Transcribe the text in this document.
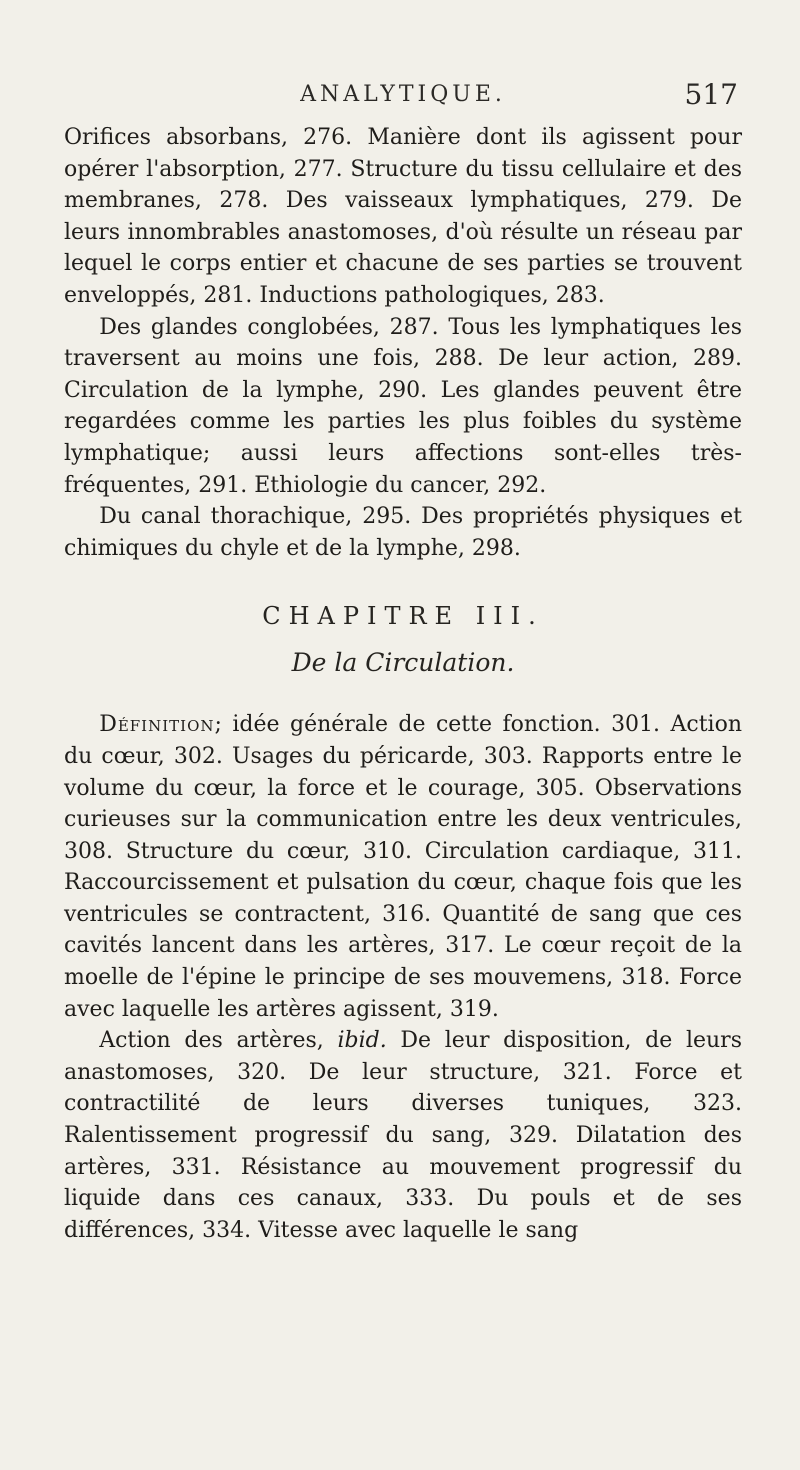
ANALYTIQUE.	517

Orifices absorbans, 276. Manière dont ils agissent pour opérer l'absorption, 277. Structure du tissu cellulaire et des membranes, 278. Des vaisseaux lymphatiques, 279. De leurs innombrables anastomoses, d'où résulte un réseau par lequel le corps entier et chacune de ses parties se trouvent enveloppés, 281. Inductions pathologiques, 283.

Des glandes conglobées, 287. Tous les lymphatiques les traversent au moins une fois, 288. De leur action, 289. Circulation de la lymphe, 290. Les glandes peuvent être regardées comme les parties les plus foibles du système lymphatique; aussi leurs affections sont-elles très-fréquentes, 291. Ethiologie du cancer, 292.

Du canal thorachique, 295. Des propriétés physiques et chimiques du chyle et de la lymphe, 298.

CHAPITRE III.
De la Circulation.

Définition; idée générale de cette fonction. 301. Action du cœur, 302. Usages du péricarde, 303. Rapports entre le volume du cœur, la force et le courage, 305. Observations curieuses sur la communication entre les deux ventricules, 308. Structure du cœur, 310. Circulation cardiaque, 311. Raccourcissement et pulsation du cœur, chaque fois que les ventricules se contractent, 316. Quantité de sang que ces cavités lancent dans les artères, 317. Le cœur reçoit de la moelle de l'épine le principe de ses mouvemens, 318. Force avec laquelle les artères agissent, 319.

Action des artères, ibid. De leur disposition, de leurs anastomoses, 320. De leur structure, 321. Force et contractilité de leurs diverses tuniques, 323. Ralentissement progressif du sang, 329. Dilatation des artères, 331. Résistance au mouvement progressif du liquide dans ces canaux, 333. Du pouls et de ses différences, 334. Vitesse avec laquelle le sang
